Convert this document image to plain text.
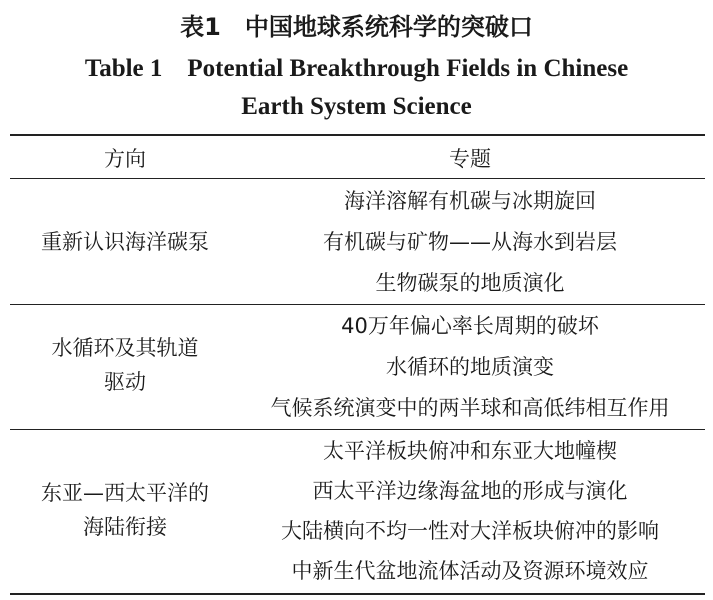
表1　中国地球系统科学的突破口
Table 1    Potential Breakthrough Fields in Chinese
Earth System Science
方向	专题
重新认识海洋碳泵
海洋溶解有机碳与冰期旋回
有机碳与矿物——从海水到岩层
生物碳泵的地质演化
水循环及其轨道
驱动
40万年偏心率长周期的破坏
水循环的地质演变
气候系统演变中的两半球和高低纬相互作用
东亚—西太平洋的
海陆衔接
太平洋板块俯冲和东亚大地幢楔
西太平洋边缘海盆地的形成与演化
大陆横向不均一性对大洋板块俯冲的影响
中新生代盆地流体活动及资源环境效应
